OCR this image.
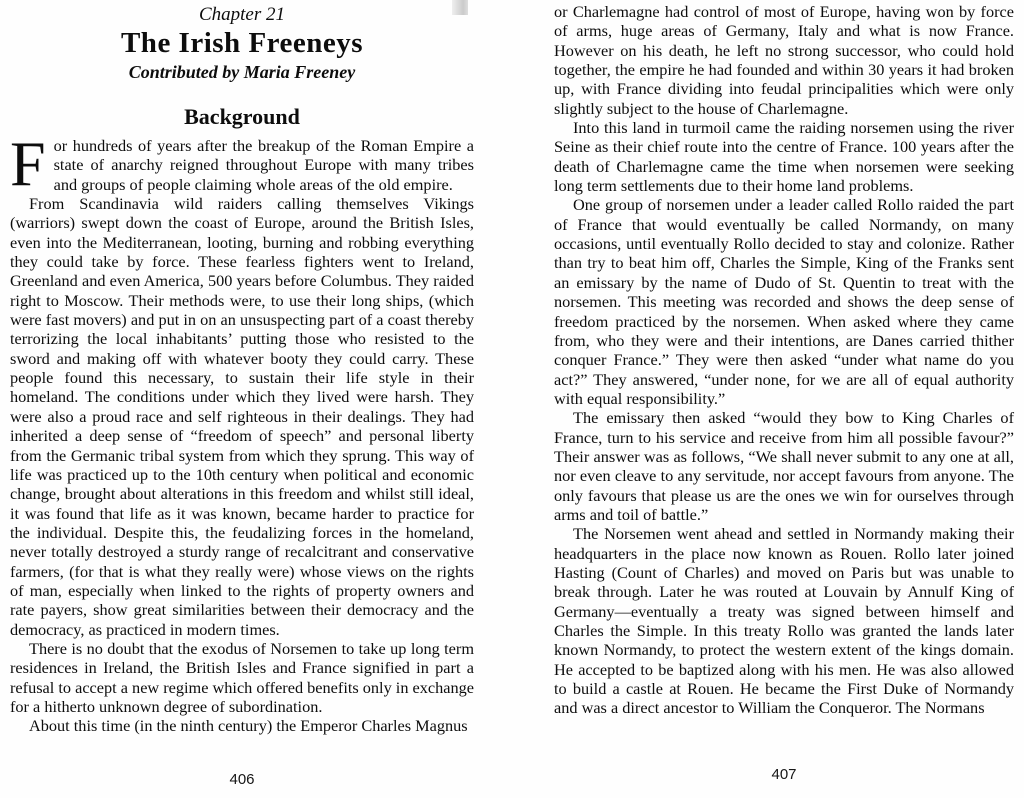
Chapter 21

The Irish Freeneys

Contributed by Maria Freeney

Background

For hundreds of years after the breakup of the Roman Empire a state of anarchy reigned throughout Europe with many tribes and groups of people claiming whole areas of the old empire.

From Scandinavia wild raiders calling themselves Vikings (warriors) swept down the coast of Europe, around the British Isles, even into the Mediterranean, looting, burning and robbing everything they could take by force. These fearless fighters went to Ireland, Greenland and even America, 500 years before Columbus. They raided right to Moscow. Their methods were, to use their long ships, (which were fast movers) and put in on an unsuspecting part of a coast thereby terrorizing the local inhabitants’ putting those who resisted to the sword and making off with whatever booty they could carry. These people found this necessary, to sustain their life style in their homeland. The conditions under which they lived were harsh. They were also a proud race and self righteous in their dealings. They had inherited a deep sense of “freedom of speech” and personal liberty from the Germanic tribal system from which they sprung. This way of life was practiced up to the 10th century when political and economic change, brought about alterations in this freedom and whilst still ideal, it was found that life as it was known, became harder to practice for the individual. Despite this, the feudalizing forces in the homeland, never totally destroyed a sturdy range of recalcitrant and conservative farmers, (for that is what they really were) whose views on the rights of man, especially when linked to the rights of property owners and rate payers, show great similarities between their democracy and the democracy, as practiced in modern times.

There is no doubt that the exodus of Norsemen to take up long term residences in Ireland, the British Isles and France signified in part a refusal to accept a new regime which offered benefits only in exchange for a hitherto unknown degree of subordination.

About this time (in the ninth century) the Emperor Charles Magnus

or Charlemagne had control of most of Europe, having won by force of arms, huge areas of Germany, Italy and what is now France. However on his death, he left no strong successor, who could hold together, the empire he had founded and within 30 years it had broken up, with France dividing into feudal principalities which were only slightly subject to the house of Charlemagne.

Into this land in turmoil came the raiding norsemen using the river Seine as their chief route into the centre of France. 100 years after the death of Charlemagne came the time when norsemen were seeking long term settlements due to their home land problems.

One group of norsemen under a leader called Rollo raided the part of France that would eventually be called Normandy, on many occasions, until eventually Rollo decided to stay and colonize. Rather than try to beat him off, Charles the Simple, King of the Franks sent an emissary by the name of Dudo of St. Quentin to treat with the norsemen. This meeting was recorded and shows the deep sense of freedom practiced by the norsemen. When asked where they came from, who they were and their intentions, are Danes carried thither conquer France.” They were then asked “under what name do you act?” They answered, “under none, for we are all of equal authority with equal responsibility.”

The emissary then asked “would they bow to King Charles of France, turn to his service and receive from him all possible favour?” Their answer was as follows, “We shall never submit to any one at all, nor even cleave to any servitude, nor accept favours from anyone. The only favours that please us are the ones we win for ourselves through arms and toil of battle.”

The Norsemen went ahead and settled in Normandy making their headquarters in the place now known as Rouen. Rollo later joined Hasting (Count of Charles) and moved on Paris but was unable to break through. Later he was routed at Louvain by Annulf King of Germany—eventually a treaty was signed between himself and Charles the Simple. In this treaty Rollo was granted the lands later known Normandy, to protect the western extent of the kings domain. He accepted to be baptized along with his men. He was also allowed to build a castle at Rouen. He became the First Duke of Normandy and was a direct ancestor to William the Conqueror. The Normans

406	407
